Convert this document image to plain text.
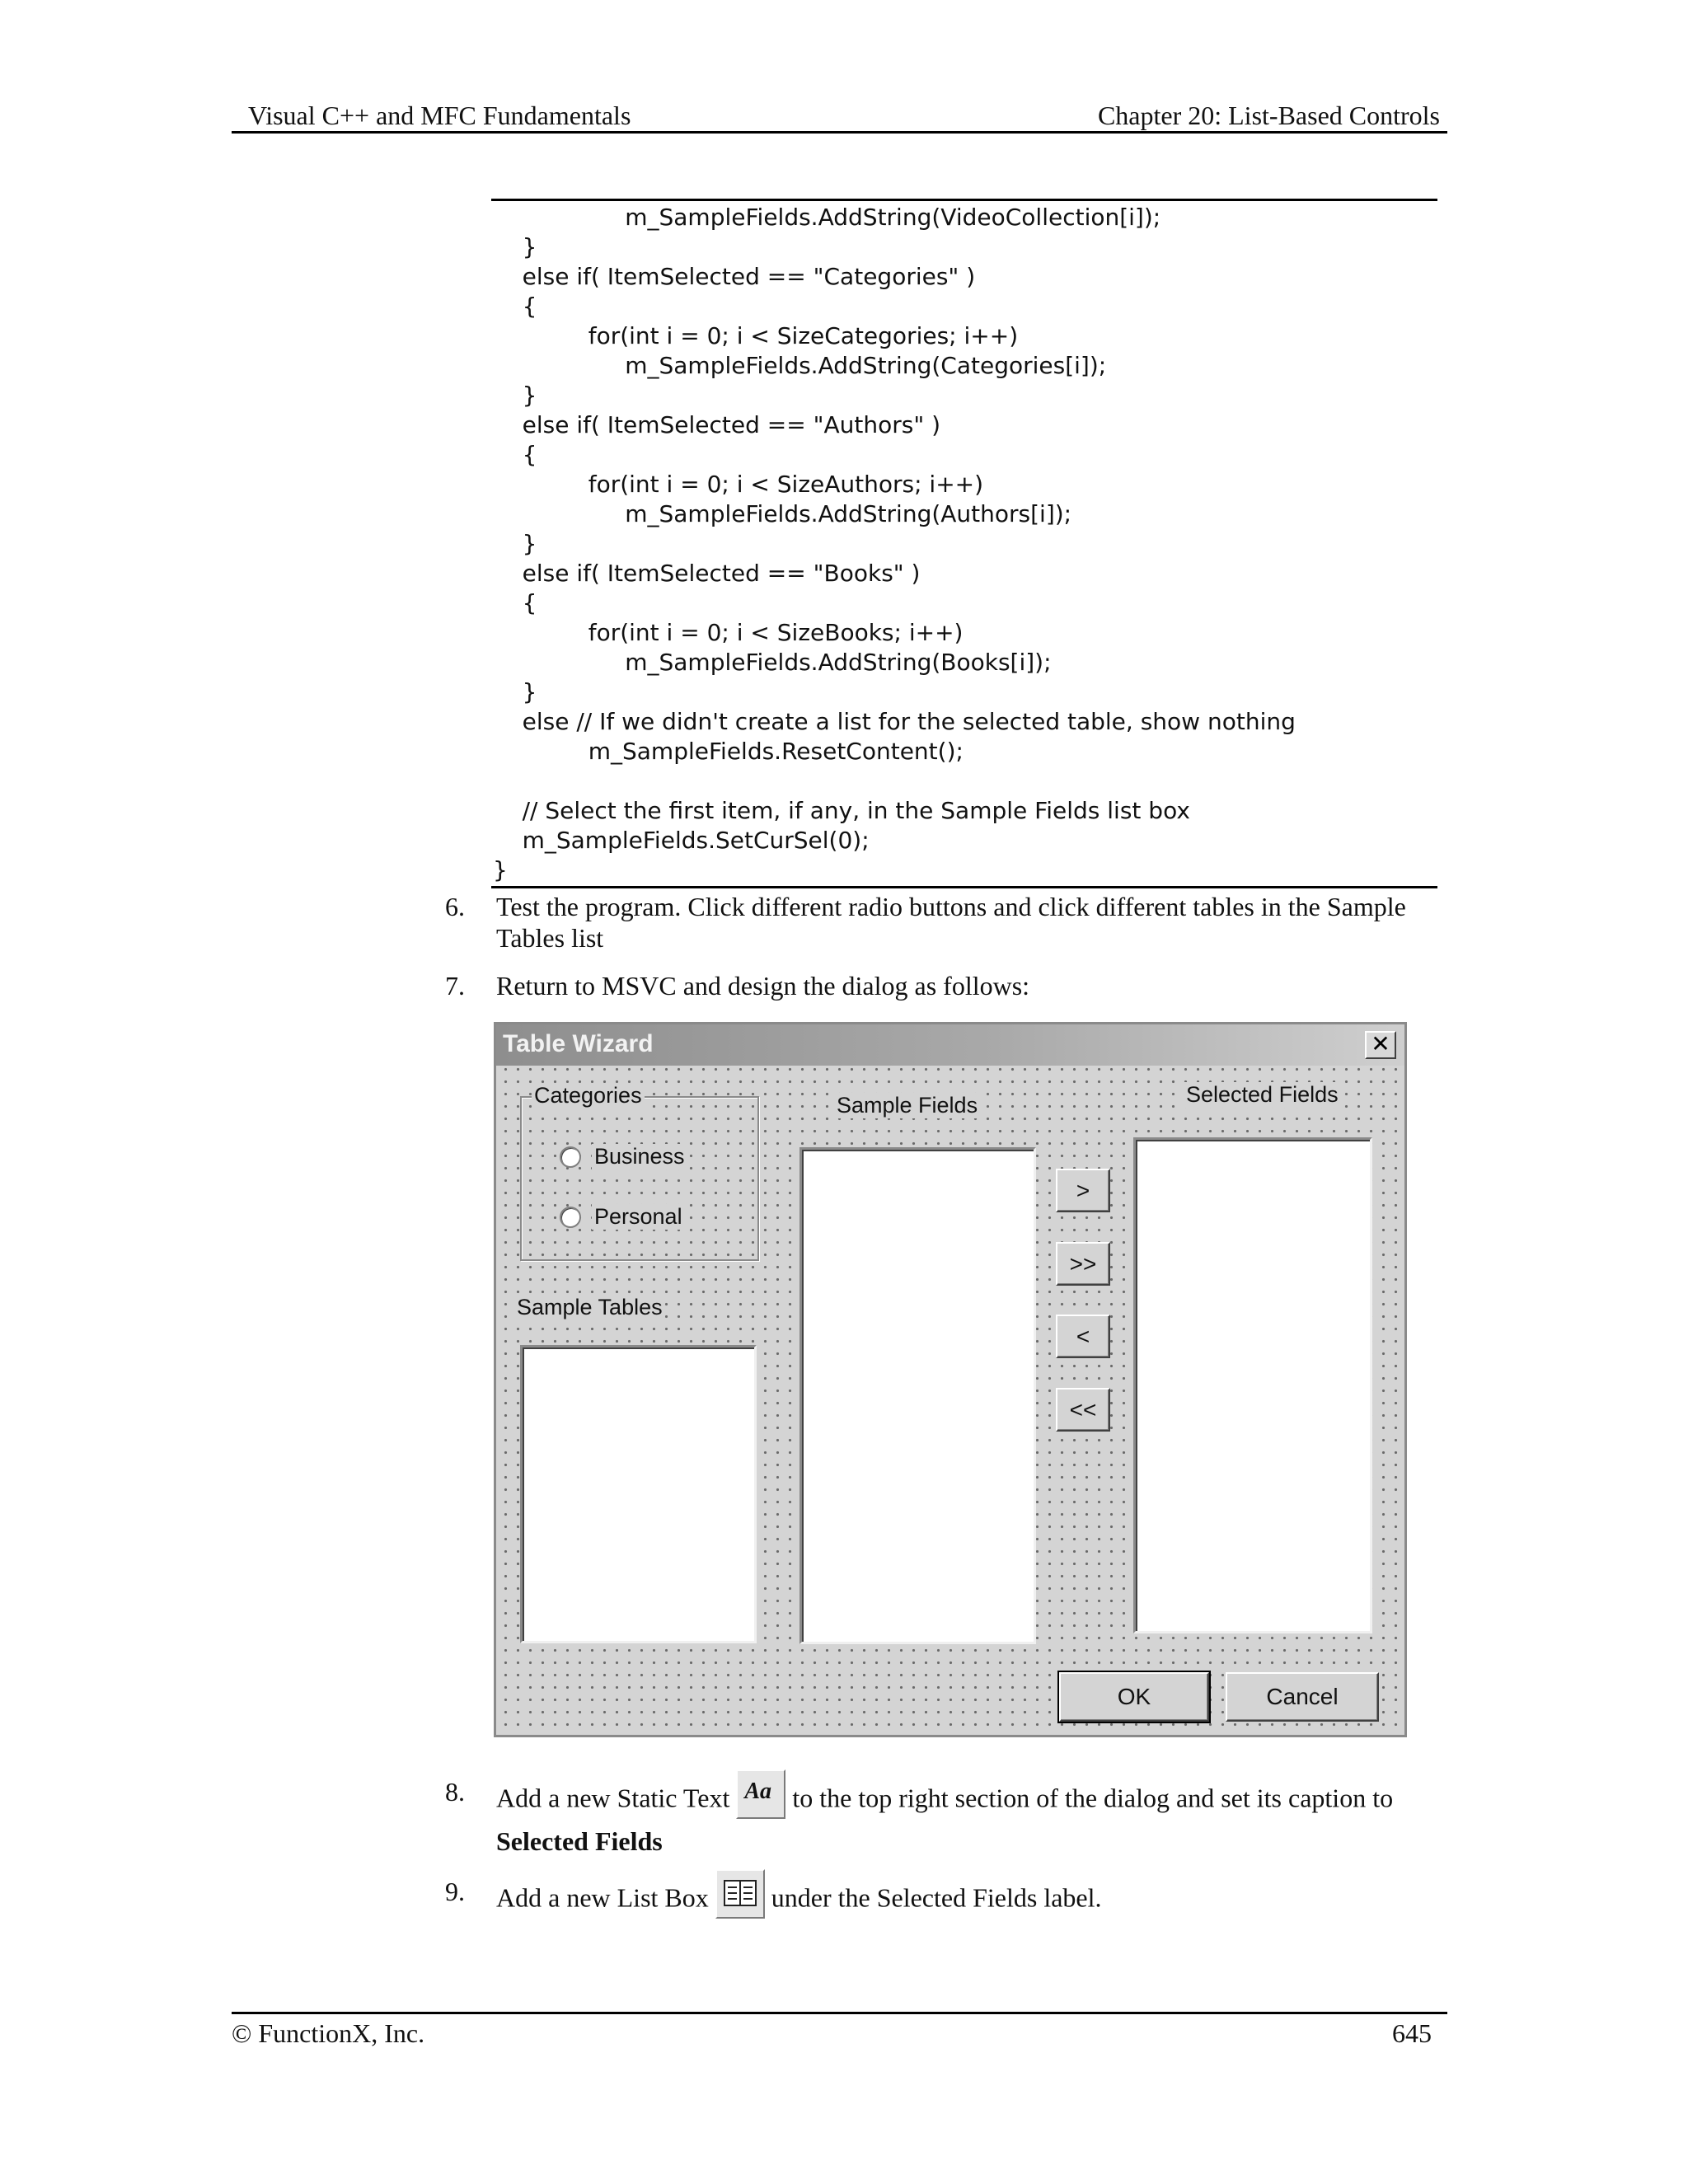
Visual C++ and MFC Fundamentals	Chapter 20: List-Based Controls
m_SampleFields.AddString(VideoCollection[i]);
}
else if( ItemSelected == "Categories" )
{
for(int i = 0; i < SizeCategories; i++)
m_SampleFields.AddString(Categories[i]);
}
else if( ItemSelected == "Authors" )
{
for(int i = 0; i < SizeAuthors; i++)
m_SampleFields.AddString(Authors[i]);
}
else if( ItemSelected == "Books" )
{
for(int i = 0; i < SizeBooks; i++)
m_SampleFields.AddString(Books[i]);
}
else // If we didn't create a list for the selected table, show nothing
m_SampleFields.ResetContent();
// Select the first item, if any, in the Sample Fields list box
m_SampleFields.SetCurSel(0);
}
6. Test the program. Click different radio buttons and click different tables in the Sample Tables list
7. Return to MSVC and design the dialog as follows:
Table Wizard	✕
Categories
Business
Personal
Sample Tables
Sample Fields
>
>>
<
<<
Selected Fields
OK	Cancel
8. Add a new Static Text Aa to the top right section of the dialog and set its caption to
Selected Fields
9. Add a new List Box under the Selected Fields label.
© FunctionX, Inc.	645
